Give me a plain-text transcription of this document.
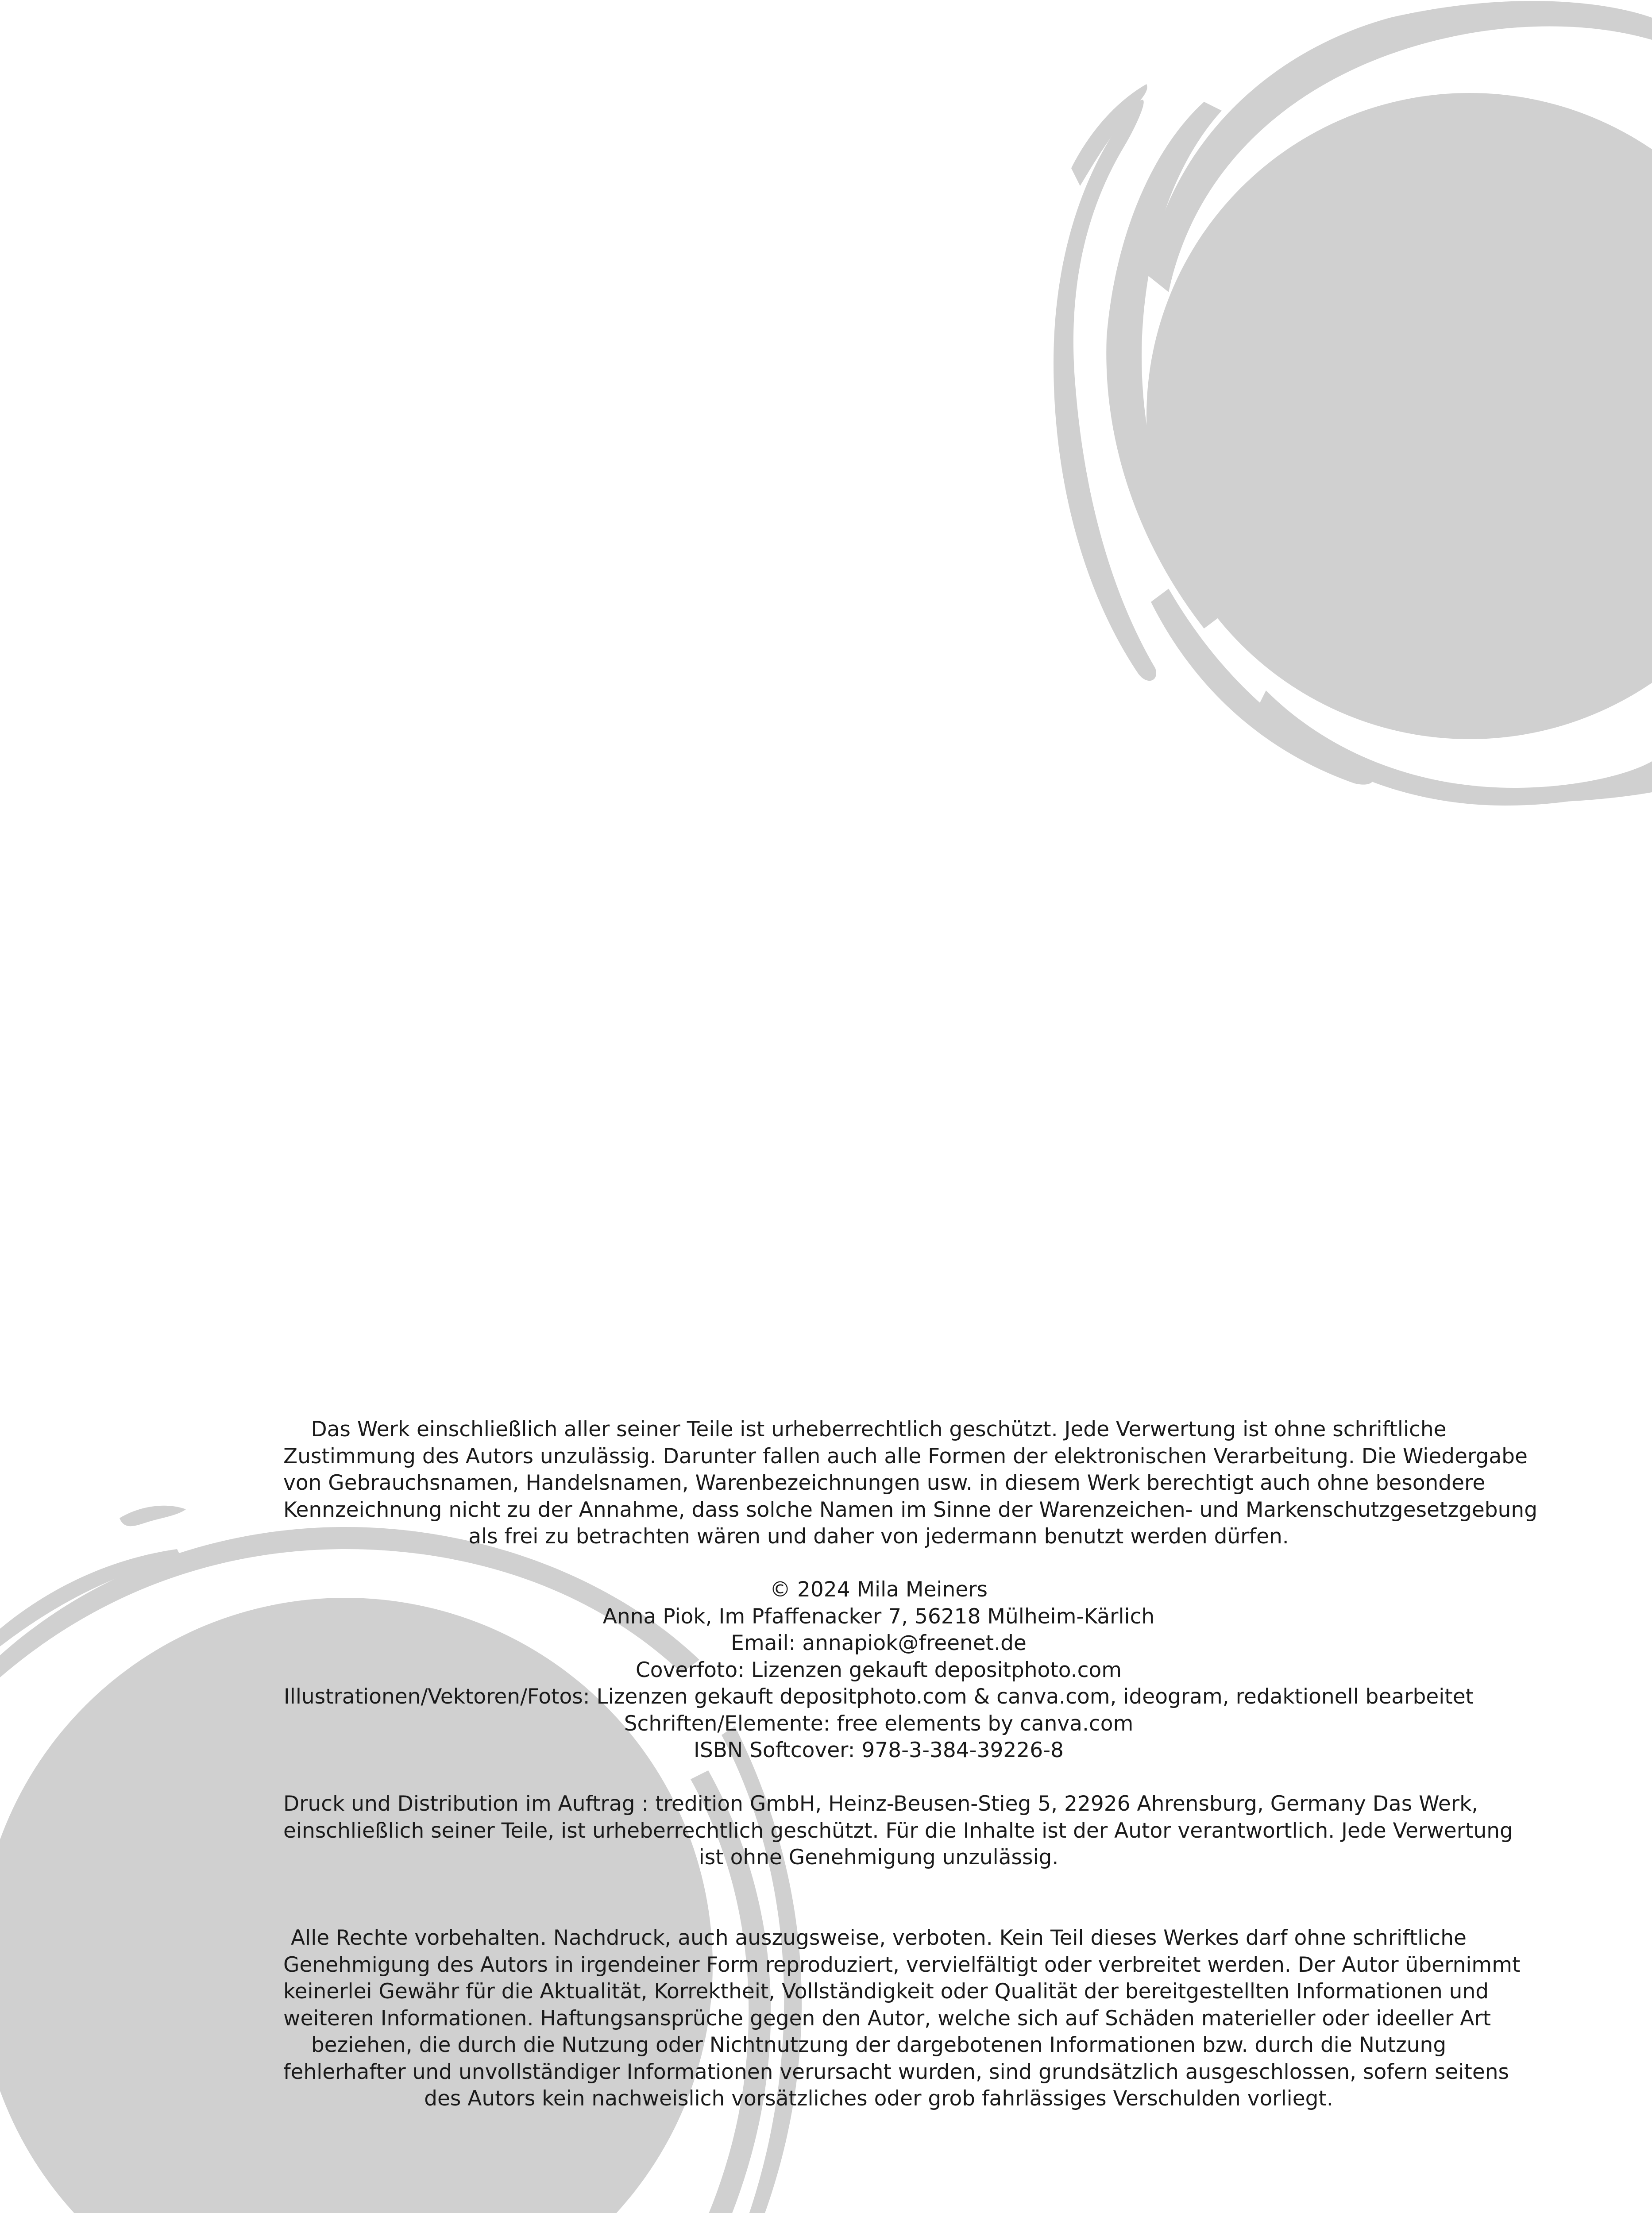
Das Werk einschließlich aller seiner Teile ist urheberrechtlich geschützt. Jede Verwertung ist ohne schriftliche
Zustimmung des Autors unzulässig. Darunter fallen auch alle Formen der elektronischen Verarbeitung. Die Wiedergabe
von Gebrauchsnamen, Handelsnamen, Warenbezeichnungen usw. in diesem Werk berechtigt auch ohne besondere
Kennzeichnung nicht zu der Annahme, dass solche Namen im Sinne der Warenzeichen- und Markenschutzgesetzgebung
als frei zu betrachten wären und daher von jedermann benutzt werden dürfen.
© 2024 Mila Meiners
Anna Piok, Im Pfaffenacker 7, 56218 Mülheim-Kärlich
Email: annapiok@freenet.de
Coverfoto: Lizenzen gekauft depositphoto.com
Illustrationen/Vektoren/Fotos: Lizenzen gekauft depositphoto.com & canva.com, ideogram, redaktionell bearbeitet
Schriften/Elemente: free elements by canva.com
ISBN Softcover: 978-3-384-39226-8
Druck und Distribution im Auftrag : tredition GmbH, Heinz-Beusen-Stieg 5, 22926 Ahrensburg, Germany Das Werk,
einschließlich seiner Teile, ist urheberrechtlich geschützt. Für die Inhalte ist der Autor verantwortlich. Jede Verwertung
ist ohne Genehmigung unzulässig.
Alle Rechte vorbehalten. Nachdruck, auch auszugsweise, verboten. Kein Teil dieses Werkes darf ohne schriftliche
Genehmigung des Autors in irgendeiner Form reproduziert, vervielfältigt oder verbreitet werden. Der Autor übernimmt
keinerlei Gewähr für die Aktualität, Korrektheit, Vollständigkeit oder Qualität der bereitgestellten Informationen und
weiteren Informationen. Haftungsansprüche gegen den Autor, welche sich auf Schäden materieller oder ideeller Art
beziehen, die durch die Nutzung oder Nichtnutzung der dargebotenen Informationen bzw. durch die Nutzung
fehlerhafter und unvollständiger Informationen verursacht wurden, sind grundsätzlich ausgeschlossen, sofern seitens
des Autors kein nachweislich vorsätzliches oder grob fahrlässiges Verschulden vorliegt.
